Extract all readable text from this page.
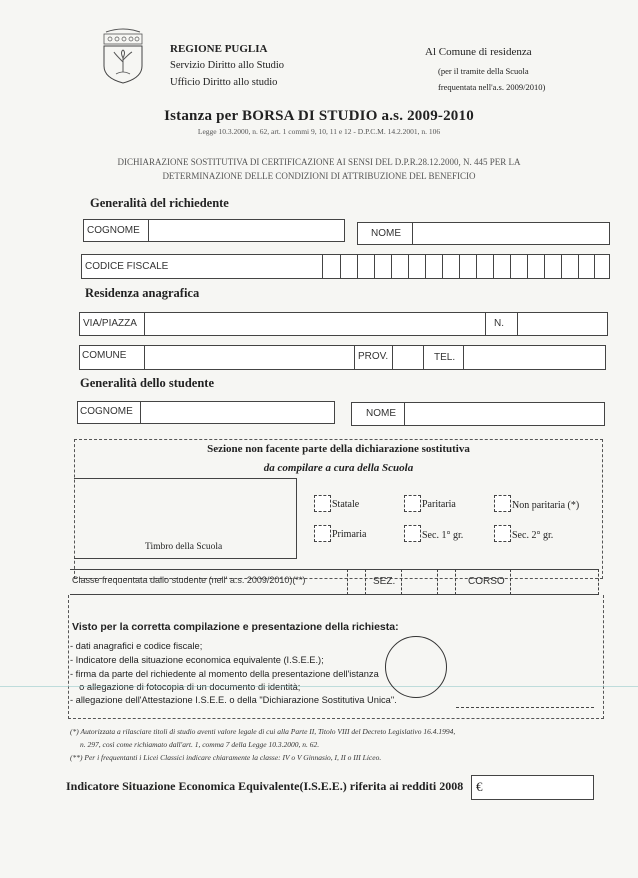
REGIONE PUGLIA
Servizio Diritto allo Studio
Ufficio Diritto allo studio
Al Comune di residenza
(per il tramite della Scuola
frequentata nell'a.s. 2009/2010)
Istanza per BORSA DI STUDIO a.s. 2009-2010
Legge 10.3.2000, n. 62, art. 1 commi 9, 10, 11 e 12 - D.P.C.M. 14.2.2001, n. 106
DICHIARAZIONE SOSTITUTIVA DI CERTIFICAZIONE AI SENSI DEL D.P.R.28.12.2000, N. 445 PER LA
DETERMINAZIONE DELLE CONDIZIONI DI ATTRIBUZIONE DEL BENEFICIO
Generalità del richiedente
COGNOME	NOME
CODICE FISCALE
Residenza anagrafica
VIA/PIAZZA	N.
COMUNE	PROV.	TEL.
Generalità dello studente
COGNOME	NOME
Sezione non facente parte della dichiarazione sostitutiva
da compilare a cura della Scuola
Timbro della Scuola
Statale	Paritaria	Non paritaria (*)
Primaria	Sec. 1° gr.	Sec. 2° gr.
Classe frequentata dallo studente (nell' a.s. 2009/2010)(**)	SEZ.	CORSO
Visto per la corretta compilazione e presentazione della richiesta:
- dati anagrafici e codice fiscale;
- Indicatore della situazione economica equivalente (I.S.E.E.);
- firma da parte del richiedente al momento della presentazione dell'istanza
o allegazione di fotocopia di un documento di identità;
- allegazione dell'Attestazione I.S.E.E. o della "Dichiarazione Sostitutiva Unica".
(*) Autorizzata a rilasciare titoli di studio aventi valore legale di cui alla Parte II, Titolo VIII del Decreto Legislativo 16.4.1994,
n. 297, così come richiamato dall'art. 1, comma 7 della Legge 10.3.2000, n. 62.
(**) Per i frequentanti i Licei Classici indicare chiaramente la classe: IV o V Ginnasio, I, II o III Liceo.
Indicatore Situazione Economica Equivalente(I.S.E.E.) riferita ai redditi 2008 €
